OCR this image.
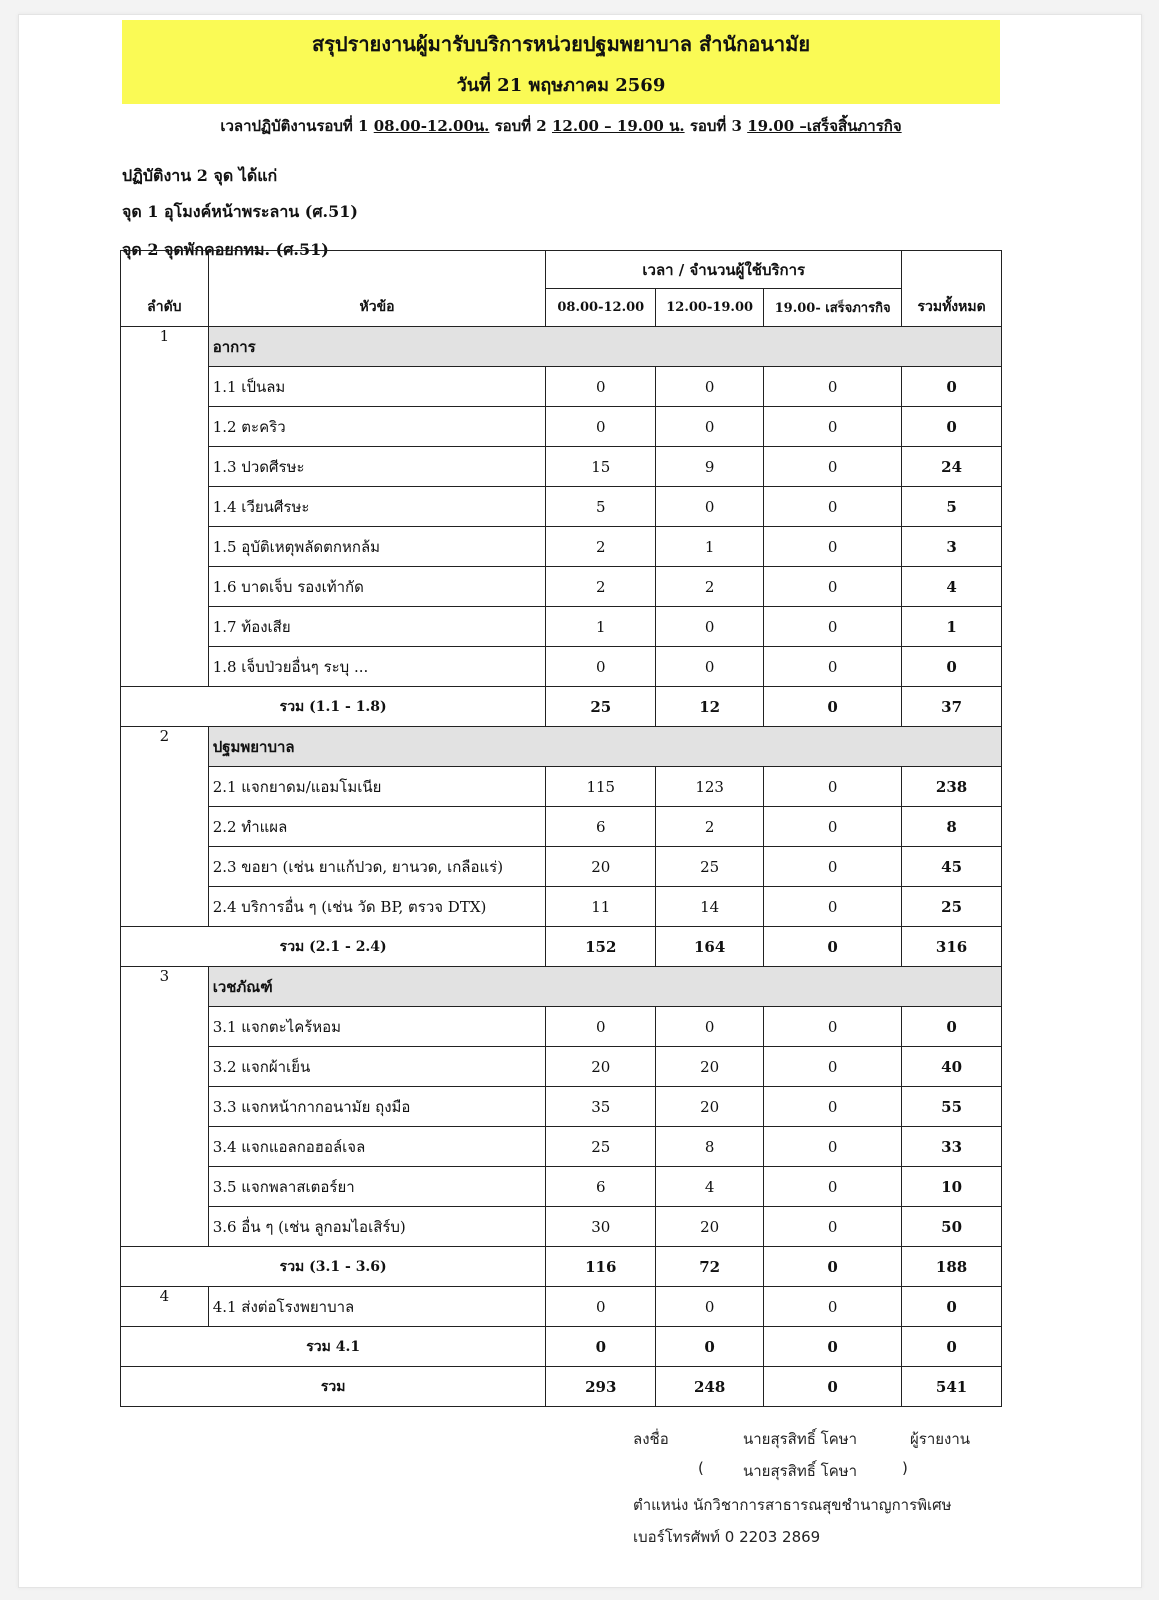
สรุปรายงานผู้มารับบริการหน่วยปฐมพยาบาล สำนักอนามัย
วันที่ 21 พฤษภาคม 2569
เวลาปฏิบัติงานรอบที่ 1 08.00-12.00น. รอบที่ 2 12.00 – 19.00 น. รอบที่ 3 19.00 –เสร็จสิ้นภารกิจ
ปฏิบัติงาน 2 จุด ได้แก่
จุด 1 อุโมงค์หน้าพระลาน (ศ.51)
จุด 2 จุดพักคอยกทม. (ศ.51)
ลำดับ	หัวข้อ	เวลา / จำนวนผู้ใช้บริการ			รวมทั้งหมด
		08.00-12.00	12.00-19.00	19.00- เสร็จภารกิจ	
1	อาการ				
	1.1 เป็นลม	0	0	0	0
	1.2 ตะคริว	0	0	0	0
	1.3 ปวดศีรษะ	15	9	0	24
	1.4 เวียนศีรษะ	5	0	0	5
	1.5 อุบัติเหตุพลัดตกหกล้ม	2	1	0	3
	1.6 บาดเจ็บ รองเท้ากัด	2	2	0	4
	1.7 ท้องเสีย	1	0	0	1
	1.8 เจ็บป่วยอื่นๆ ระบุ ...	0	0	0	0
รวม (1.1 - 1.8)		25	12	0	37
2	ปฐมพยาบาล				
	2.1 แจกยาดม/แอมโมเนีย	115	123	0	238
	2.2 ทำแผล	6	2	0	8
	2.3 ขอยา (เช่น ยาแก้ปวด, ยานวด, เกลือแร่)	20	25	0	45
	2.4 บริการอื่น ๆ (เช่น วัด BP, ตรวจ DTX)	11	14	0	25
รวม (2.1 - 2.4)		152	164	0	316
3	เวชภัณฑ์				
	3.1 แจกตะไคร้หอม	0	0	0	0
	3.2 แจกผ้าเย็น	20	20	0	40
	3.3 แจกหน้ากากอนามัย ถุงมือ	35	20	0	55
	3.4 แจกแอลกอฮอล์เจล	25	8	0	33
	3.5 แจกพลาสเตอร์ยา	6	4	0	10
	3.6 อื่น ๆ (เช่น ลูกอมไอเสิร์บ)	30	20	0	50
รวม (3.1 - 3.6)		116	72	0	188
4	4.1 ส่งต่อโรงพยาบาล	0	0	0	0
รวม 4.1		0	0	0	0
รวม		293	248	0	541
ลงชื่อ	นายสุรสิทธิ์ โคษา	ผู้รายงาน
(	นายสุรสิทธิ์ โคษา	)
ตำแหน่ง นักวิชาการสาธารณสุขชำนาญการพิเศษ
เบอร์โทรศัพท์ 0 2203 2869
